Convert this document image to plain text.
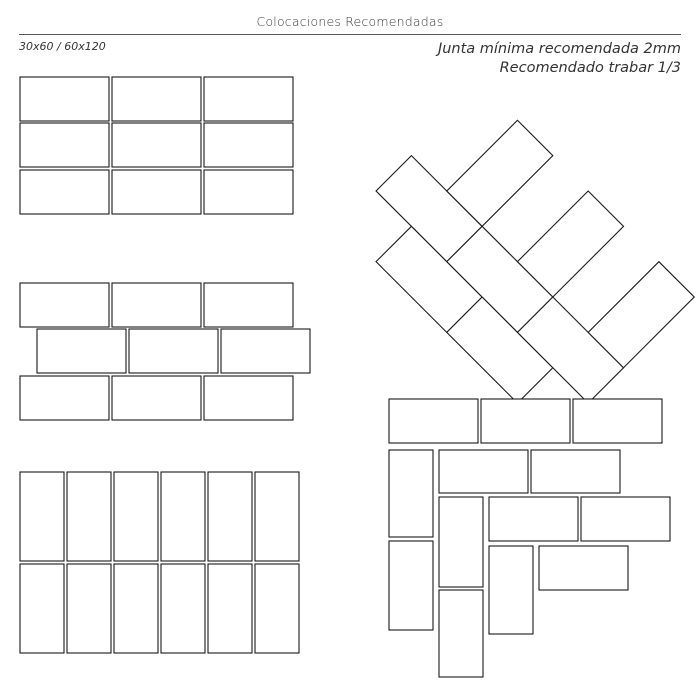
Colocaciones Recomendadas
30x60 / 60x120	Junta mínima recomendada 2mm
Recomendado trabar 1/3
